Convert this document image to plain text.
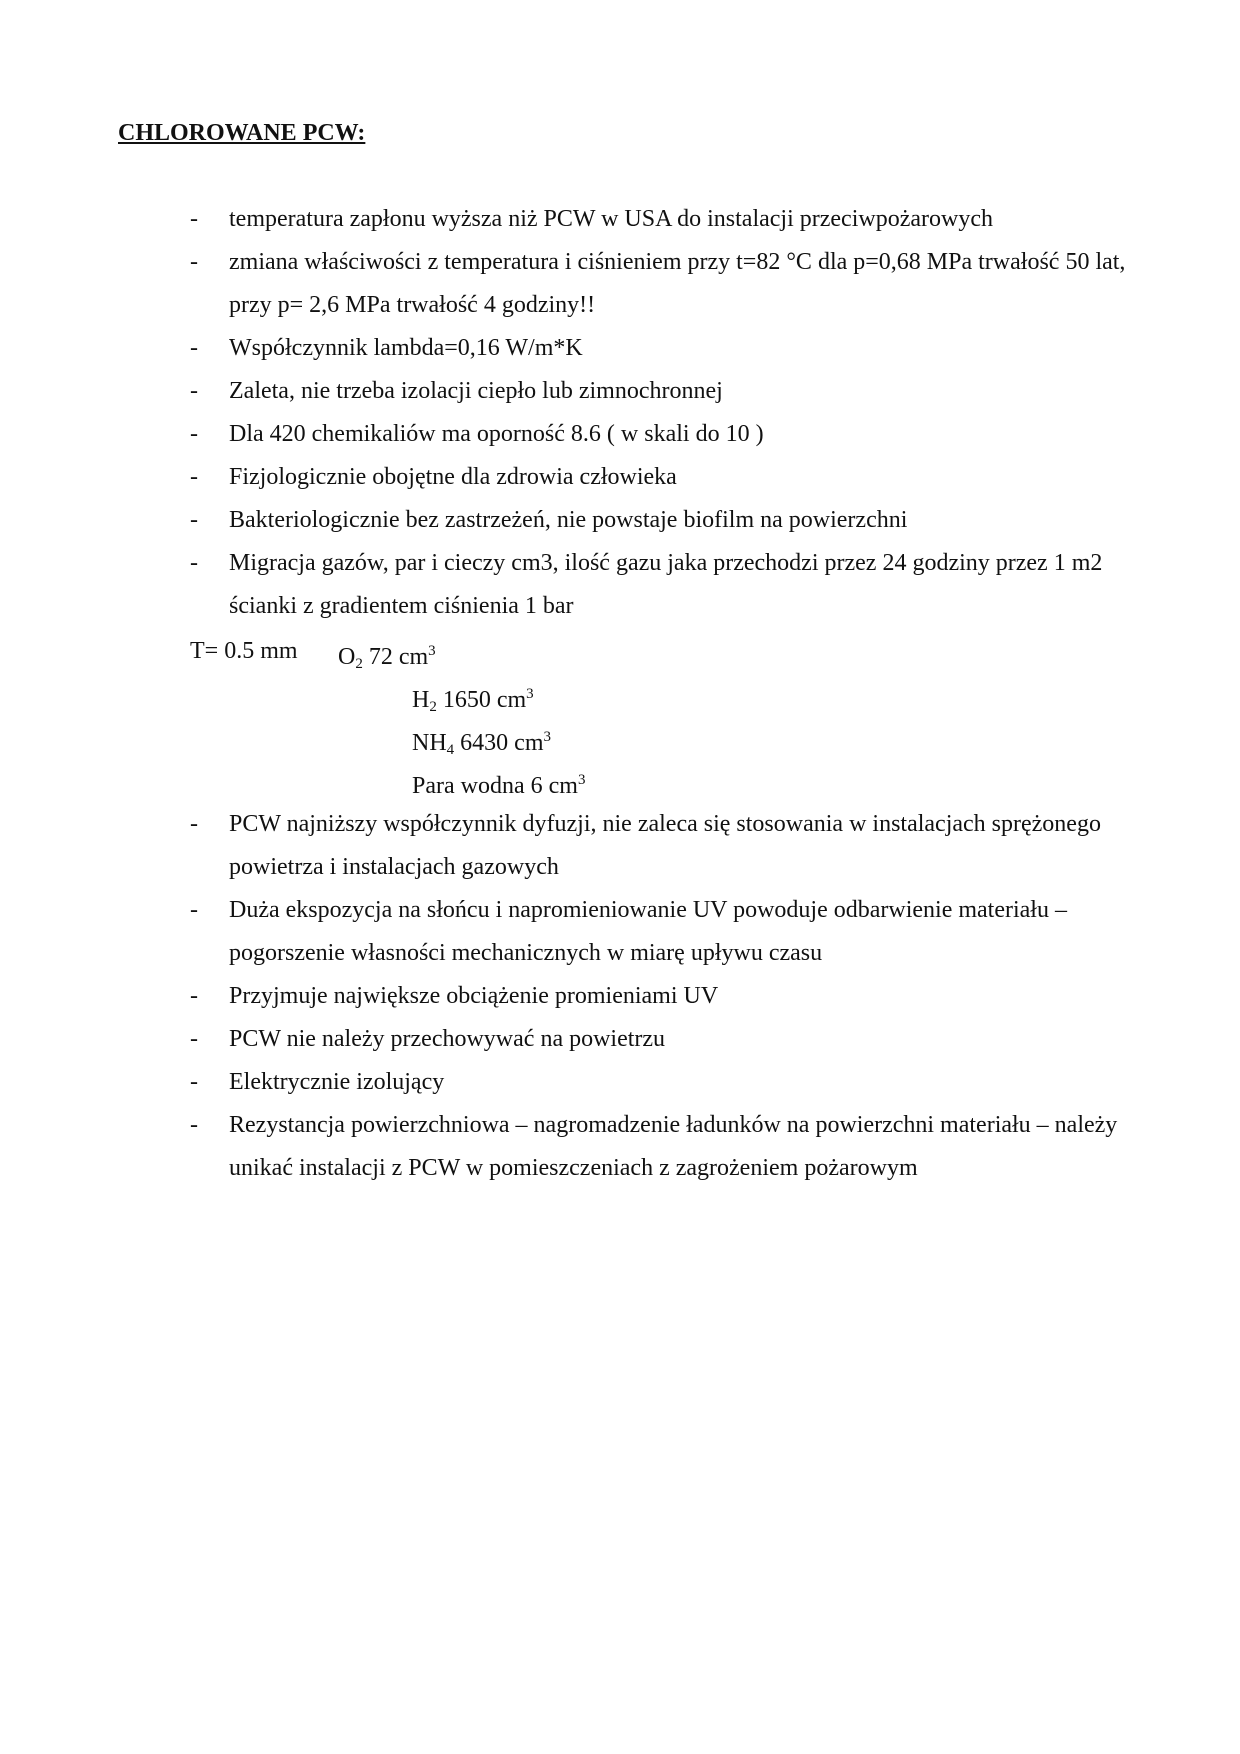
CHLOROWANE PCW:
- temperatura zapłonu wyższa niż PCW w USA do instalacji przeciwpożarowych
- zmiana właściwości z temperatura i ciśnieniem przy t=82 °C dla p=0,68 MPa trwałość 50 lat, przy p= 2,6 MPa trwałość 4 godziny!!
- Współczynnik lambda=0,16 W/m*K
- Zaleta, nie trzeba izolacji ciepło lub zimnochronnej
- Dla 420 chemikaliów ma oporność 8.6 ( w skali do 10 )
- Fizjologicznie obojętne dla zdrowia człowieka
- Bakteriologicznie bez zastrzeżeń, nie powstaje biofilm na powierzchni
- Migracja gazów, par i cieczy cm3, ilość gazu jaka przechodzi przez 24 godziny przez 1 m2 ścianki z gradientem ciśnienia 1 bar
T= 0.5 mm $O_2$ 72 $cm^3$
$H_2$ 1650 $cm^3$
$NH_4$ 6430 $cm^3$
Para wodna 6 $cm^3$
- PCW najniższy współczynnik dyfuzji, nie zaleca się stosowania w instalacjach sprężonego powietrza i instalacjach gazowych
- Duża ekspozycja na słońcu i napromieniowanie UV powoduje odbarwienie materiału – pogorszenie własności mechanicznych w miarę upływu czasu
- Przyjmuje największe obciążenie promieniami UV
- PCW nie należy przechowywać na powietrzu
- Elektrycznie izolujący
- Rezystancja powierzchniowa – nagromadzenie ładunków na powierzchni materiału – należy unikać instalacji z PCW w pomieszczeniach z zagrożeniem pożarowym
